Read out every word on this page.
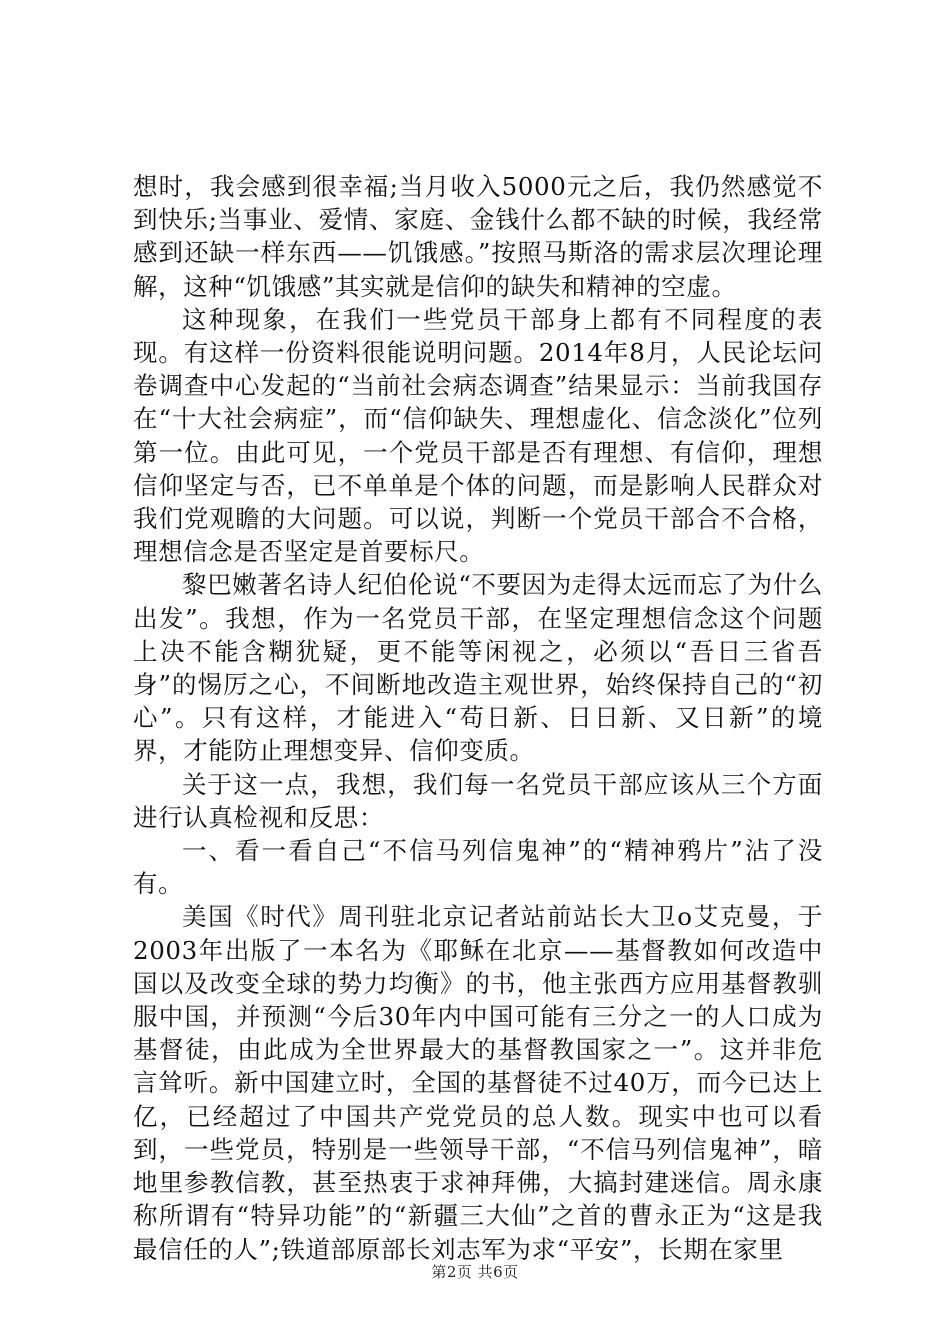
想时，我会感到很幸福;当月收入5000元之后，我仍然感觉不到快乐;当事业、爱情、家庭、金钱什么都不缺的时候，我经常感到还缺一样东西——饥饿感。”按照马斯洛的需求层次理论理解，这种“饥饿感”其实就是信仰的缺失和精神的空虚。

这种现象，在我们一些党员干部身上都有不同程度的表现。有这样一份资料很能说明问题。2014年8月，人民论坛问卷调查中心发起的“当前社会病态调查”结果显示：当前我国存在“十大社会病症”，而“信仰缺失、理想虚化、信念淡化”位列第一位。由此可见，一个党员干部是否有理想、有信仰，理想信仰坚定与否，已不单单是个体的问题，而是影响人民群众对我们党观瞻的大问题。可以说，判断一个党员干部合不合格，理想信念是否坚定是首要标尺。

黎巴嫩著名诗人纪伯伦说“不要因为走得太远而忘了为什么出发”。我想，作为一名党员干部，在坚定理想信念这个问题上决不能含糊犹疑，更不能等闲视之，必须以“吾日三省吾身”的惕厉之心，不间断地改造主观世界，始终保持自己的“初心”。只有这样，才能进入“苟日新、日日新、又日新”的境界，才能防止理想变异、信仰变质。

关于这一点，我想，我们每一名党员干部应该从三个方面进行认真检视和反思：

一、看一看自己“不信马列信鬼神”的“精神鸦片”沾了没有。

美国《时代》周刊驻北京记者站前站长大卫ο艾克曼，于2003年出版了一本名为《耶稣在北京——基督教如何改造中国以及改变全球的势力均衡》的书，他主张西方应用基督教驯服中国，并预测“今后30年内中国可能有三分之一的人口成为基督徒，由此成为全世界最大的基督教国家之一”。这并非危言耸听。新中国建立时，全国的基督徒不过40万，而今已达上亿，已经超过了中国共产党党员的总人数。现实中也可以看到，一些党员，特别是一些领导干部，“不信马列信鬼神”，暗地里参教信教，甚至热衷于求神拜佛，大搞封建迷信。周永康称所谓有“特异功能”的“新疆三大仙”之首的曹永正为“这是我最信任的人”;铁道部原部长刘志军为求“平安”，长期在家里

第2页 共6页
